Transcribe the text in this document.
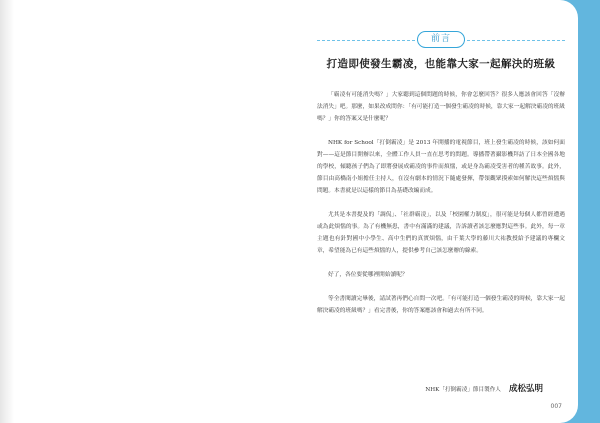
前言
打造即使發生霸凌，也能靠大家一起解決的班級

「霸凌有可能消失嗎？」大家聽到這個問題的時候，你會怎麼回答？很多人應該會回答「沒辦法消失」吧。那麼，如果改成問你：「有可能打造一個發生霸凌的時候，靠大家一起解決霸凌的班級嗎？」你的答案又是什麼呢？

NHK for School「打倒霸凌」是 2013 年開播的電視節目，班上發生霸凌的時候，該如何面對——這是節目開辦以來，全體工作人員一直在思考的問題。導播帶著攝影機拜訪了日本全國各地的學校，傾聽孩子們為了即將發展成霸凌的事件而煩惱，或是身為霸凌受害者的種苦故事。此外，節目由高橋南小姐擔任主持人，在沒有劇本的情況下隨處發揮，帶領觀眾摸索如何解決這些煩惱與問題。本書就是以這樣的節目為基礎改編而成。

尤其是本書提及的「調侃」、「社群霸凌」，以及「校園權力制度」，很可能是每個人都曾經遭遇或為此煩惱的事。為了有機無患，書中有滿滿的建議，告訴讀者該怎麼應對這些事。此外，每一章主題也有針對國中小學生、高中生們的真實煩惱，由千葉大學的藤川大祐教授給予建議的專欄文章，希望能為已有這些煩惱的人，提供參考自己該怎麼辦的線索。

好了，各位要從哪裡開始讀呢？

等全書閱讀完畢後，請試著再們心自問一次吧。「有可能打造一個發生霸凌的時候，靠大家一起解決霸凌的班級嗎？」看完書後，你的答案應該會和過去有所不同。

NHK「打倒霸凌」節目製作人 成松弘明
007
